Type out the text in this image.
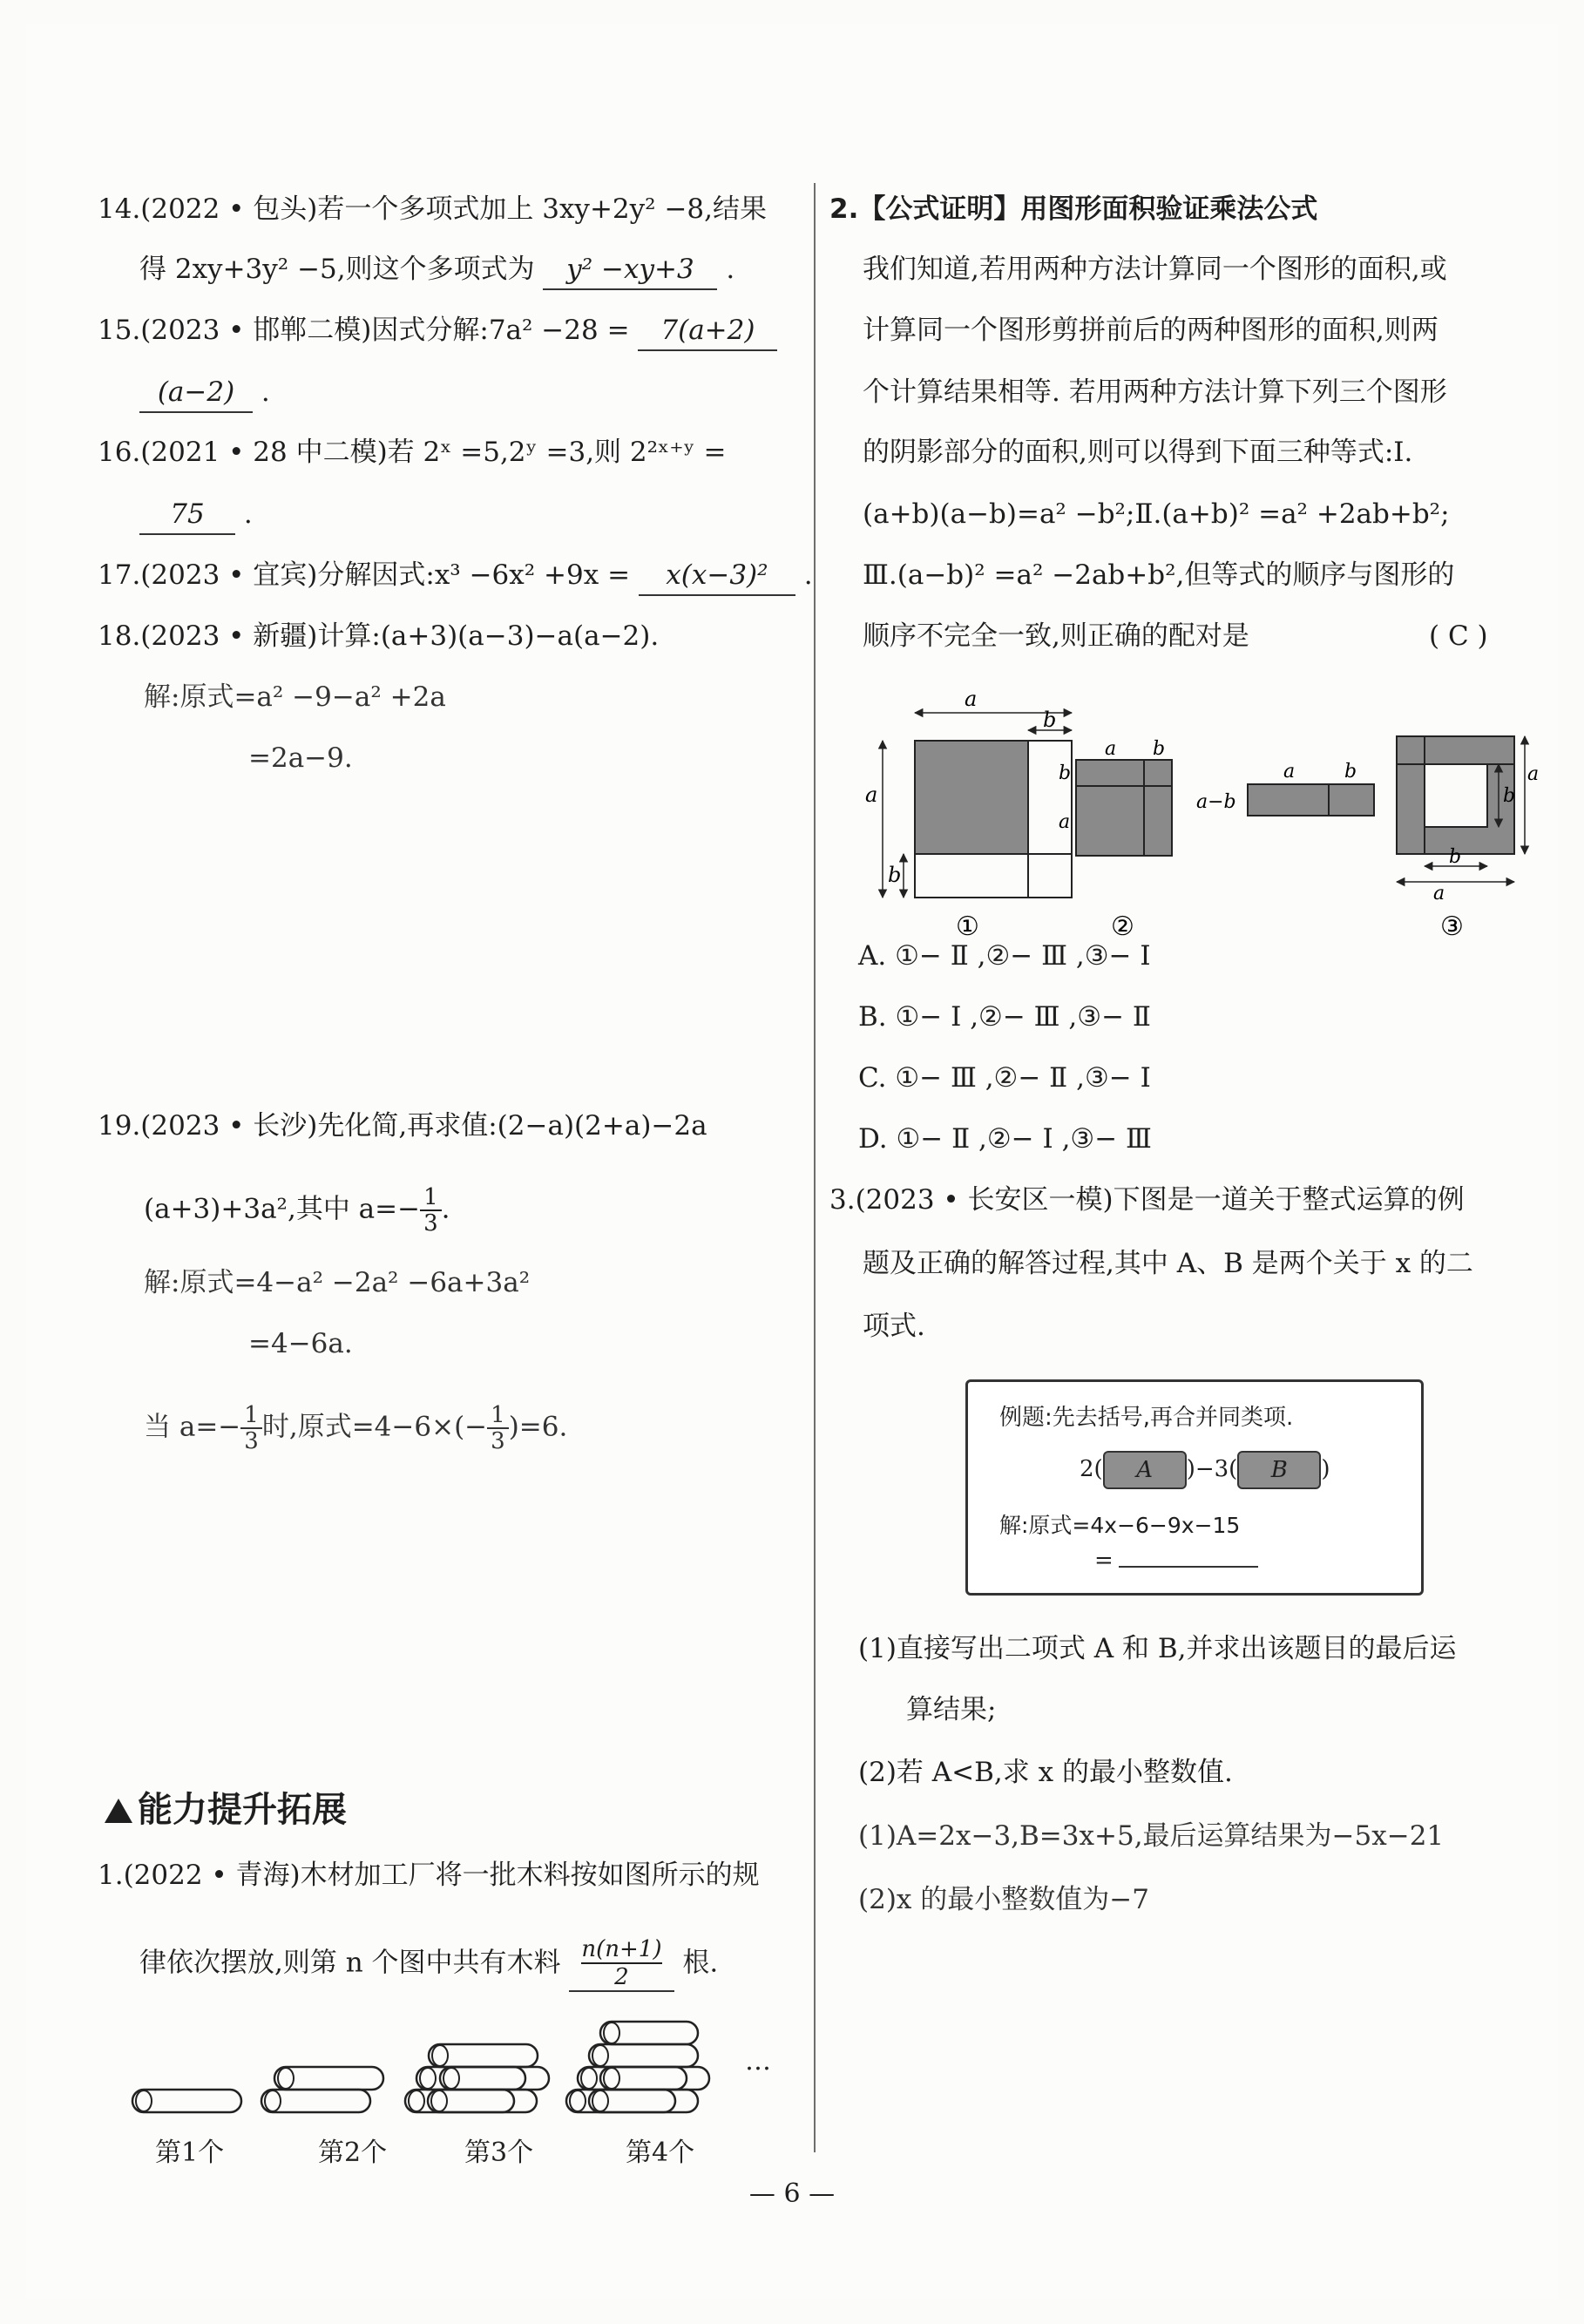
14.(2022 • 包头)若一个多项式加上 3xy+2y² −8,结果
得 2xy+3y² −5,则这个多项式为 y² −xy+3 .
15.(2023 • 邯郸二模)因式分解:7a² −28 = 7(a+2)
(a−2) .
16.(2021 • 28 中二模)若 2ˣ =5,2ʸ =3,则 2²ˣ⁺ʸ =
75 .
17.(2023 • 宜宾)分解因式:x³ −6x² +9x = x(x−3)² .
18.(2023 • 新疆)计算:(a+3)(a−3)−a(a−2).
解:原式=a² −9−a² +2a
=2a−9.
19.(2023 • 长沙)先化简,再求值:(2−a)(2+a)−2a
(a+3)+3a²,其中 $a=- \frac{1}{3}$ .
解:原式=4−a² −2a² −6a+3a²
=4−6a.
当 $a=- \frac{1}{3}$ 时,原式$=4-6\times(- \frac{1}{3} )=6$.
能力提升拓展
1.(2022 • 青海)木材加工厂将一批木料按如图所示的规
律依次摆放,则第 n 个图中共有木料 $\frac{n(n+1)}{2}$ 根.
…
第1个	第2个	第3个	第4个
2.【公式证明】用图形面积验证乘法公式
我们知道,若用两种方法计算同一个图形的面积,或
计算同一个图形剪拼前后的两种图形的面积,则两
个计算结果相等. 若用两种方法计算下列三个图形
的阴影部分的面积,则可以得到下面三种等式:Ⅰ.
(a+b)(a−b)=a² −b²;Ⅱ.(a+b)² =a² +2ab+b²;
Ⅲ.(a−b)² =a² −2ab+b²,但等式的顺序与图形的
顺序不完全一致,则正确的配对是	( C )
a
b
a
b
①
a b
b
a
②
a	b
a−b
b
a
b
a
③
A. ①− Ⅱ ,②− Ⅲ ,③− Ⅰ
B. ①− Ⅰ ,②− Ⅲ ,③− Ⅱ
C. ①− Ⅲ ,②− Ⅱ ,③− Ⅰ
D. ①− Ⅱ ,②− Ⅰ ,③− Ⅲ
3.(2023 • 长安区一模)下图是一道关于整式运算的例
题及正确的解答过程,其中 A、B 是两个关于 x 的二
项式.
例题:先去括号,再合并同类项.
2( A )−3( B )
解:原式=4x−6−9x−15
=
(1)直接写出二项式 A 和 B,并求出该题目的最后运
算结果;
(2)若 A<B,求 x 的最小整数值.
(1)A=2x−3,B=3x+5,最后运算结果为−5x−21
(2)x 的最小整数值为−7
— 6 —
